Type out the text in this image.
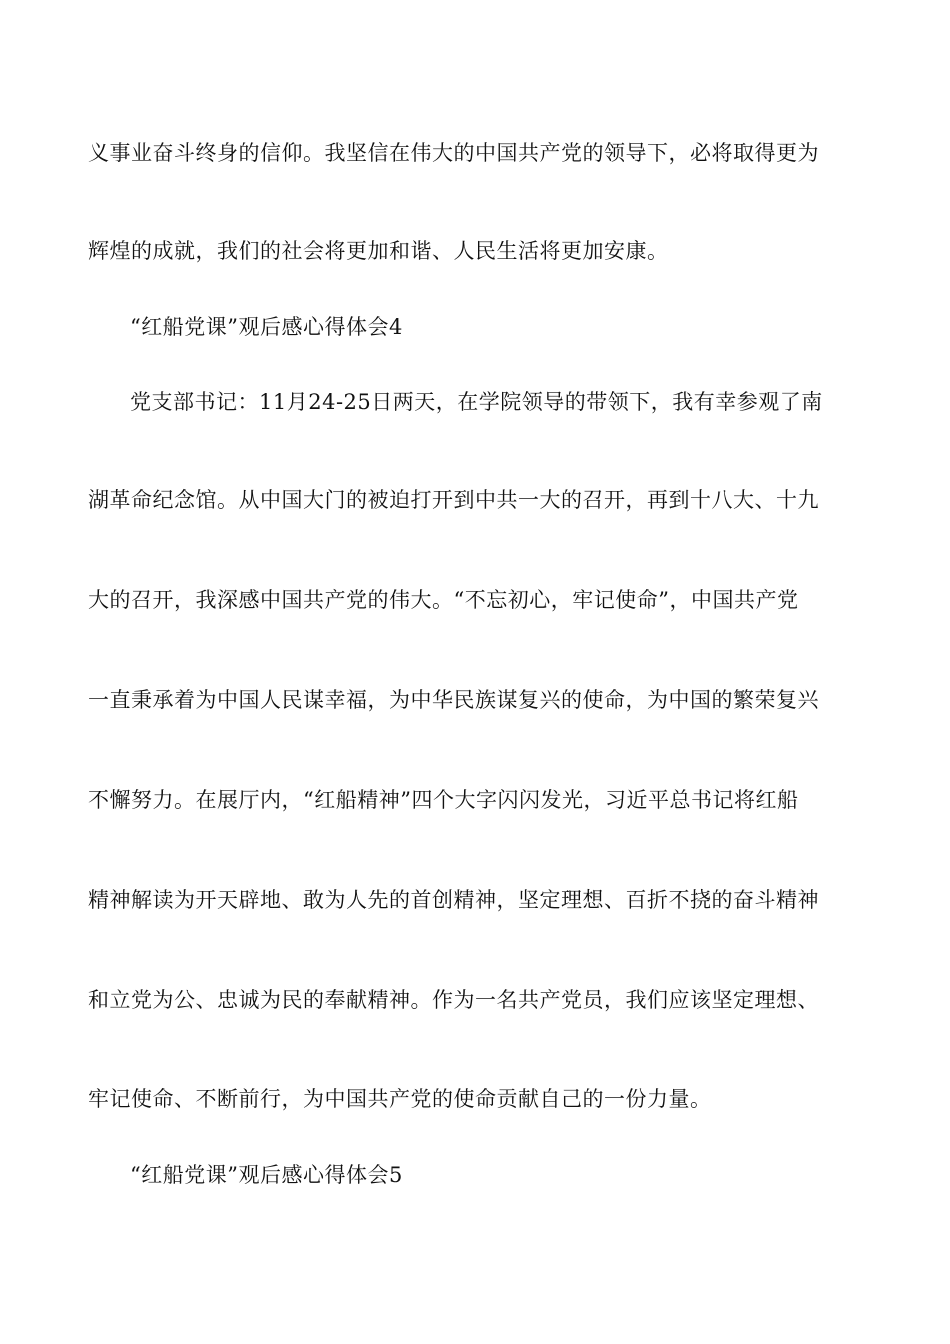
义事业奋斗终身的信仰。我坚信在伟大的中国共产党的领导下，必将取得更为
辉煌的成就，我们的社会将更加和谐、人民生活将更加安康。
“红船党课”观后感心得体会4
党支部书记：11月24-25日两天，在学院领导的带领下，我有幸参观了南
湖革命纪念馆。从中国大门的被迫打开到中共一大的召开，再到十八大、十九
大的召开，我深感中国共产党的伟大。“不忘初心，牢记使命”，中国共产党
一直秉承着为中国人民谋幸福，为中华民族谋复兴的使命，为中国的繁荣复兴
不懈努力。在展厅内，“红船精神”四个大字闪闪发光，习近平总书记将红船
精神解读为开天辟地、敢为人先的首创精神，坚定理想、百折不挠的奋斗精神
和立党为公、忠诚为民的奉献精神。作为一名共产党员，我们应该坚定理想、
牢记使命、不断前行，为中国共产党的使命贡献自己的一份力量。
“红船党课”观后感心得体会5
